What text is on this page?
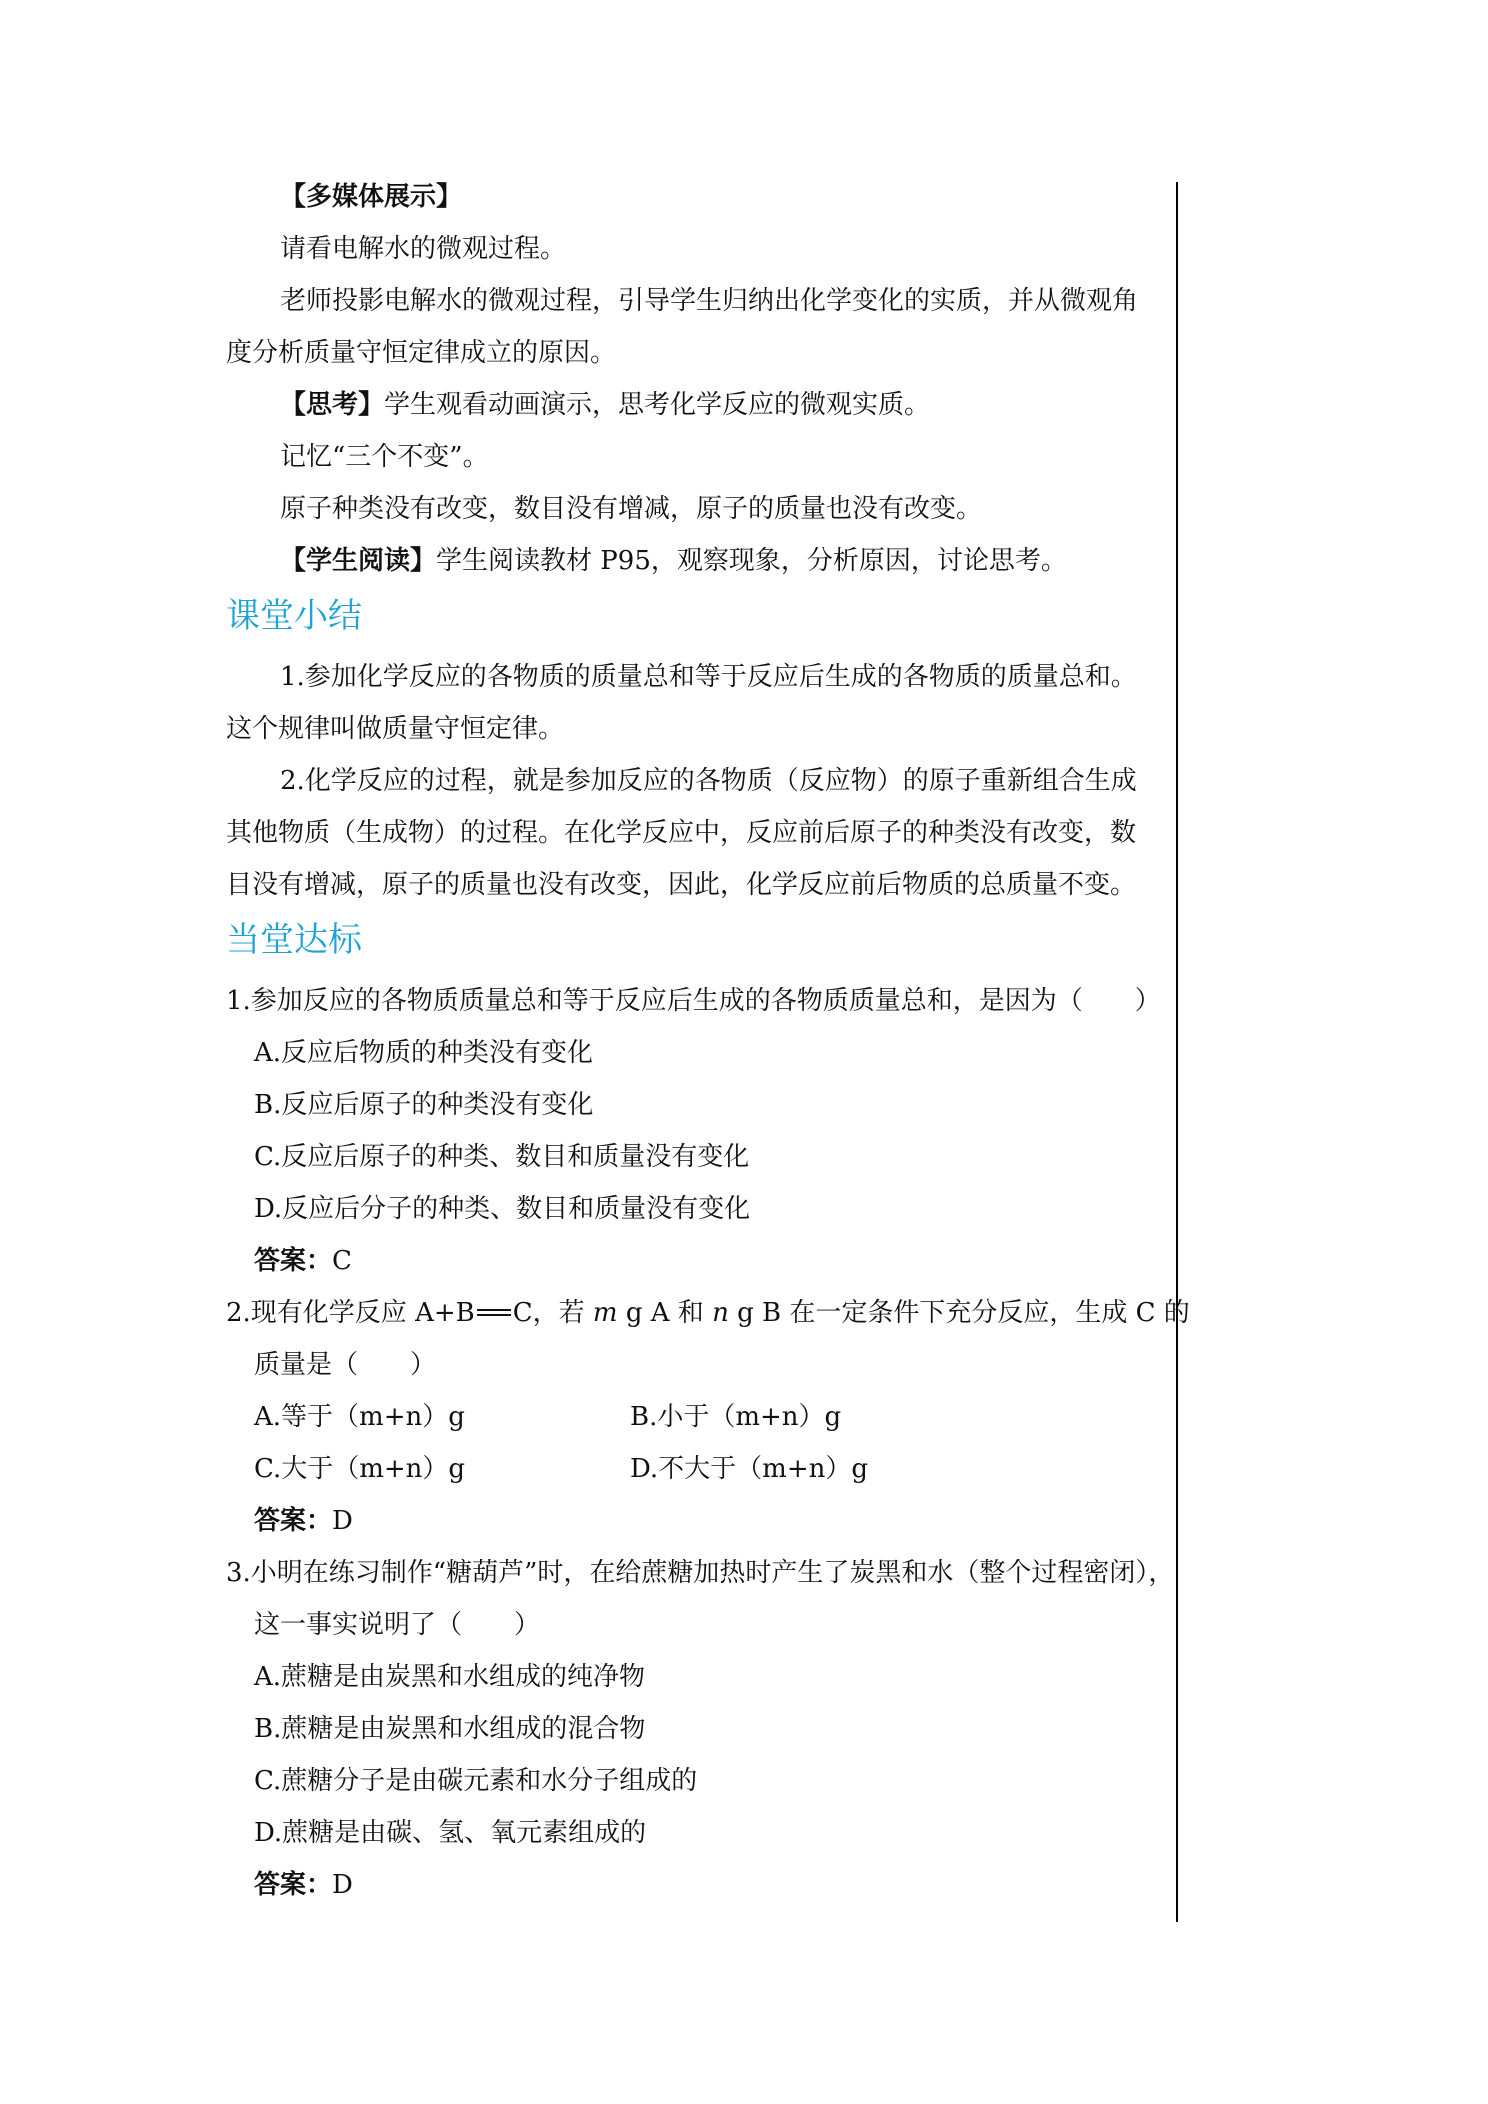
【多媒体展示】

请看电解水的微观过程。

老师投影电解水的微观过程，引导学生归纳出化学变化的实质，并从微观角

度分析质量守恒定律成立的原因。

【思考】学生观看动画演示，思考化学反应的微观实质。

记忆“三个不变”。

原子种类没有改变，数目没有增减，原子的质量也没有改变。

【学生阅读】学生阅读教材 P95，观察现象，分析原因，讨论思考。

课堂小结

1.参加化学反应的各物质的质量总和等于反应后生成的各物质的质量总和。

这个规律叫做质量守恒定律。

2.化学反应的过程，就是参加反应的各物质（反应物）的原子重新组合生成

其他物质（生成物）的过程。在化学反应中，反应前后原子的种类没有改变，数

目没有增减，原子的质量也没有改变，因此，化学反应前后物质的总质量不变。

当堂达标

1.参加反应的各物质质量总和等于反应后生成的各物质质量总和，是因为（　　）

A.反应后物质的种类没有变化

B.反应后原子的种类没有变化

C.反应后原子的种类、数目和质量没有变化

D.反应后分子的种类、数目和质量没有变化

答案：C

2.现有化学反应 A+B C，若 m g A 和 n g B 在一定条件下充分反应，生成 C 的

质量是（　　）

A.等于（m+n）g	B.小于（m+n）g

C.大于（m+n）g	D.不大于（m+n）g

答案：D

3.小明在练习制作“糖葫芦”时，在给蔗糖加热时产生了炭黑和水（整个过程密闭），

这一事实说明了（　　）

A.蔗糖是由炭黑和水组成的纯净物

B.蔗糖是由炭黑和水组成的混合物

C.蔗糖分子是由碳元素和水分子组成的

D.蔗糖是由碳、氢、氧元素组成的

答案：D
